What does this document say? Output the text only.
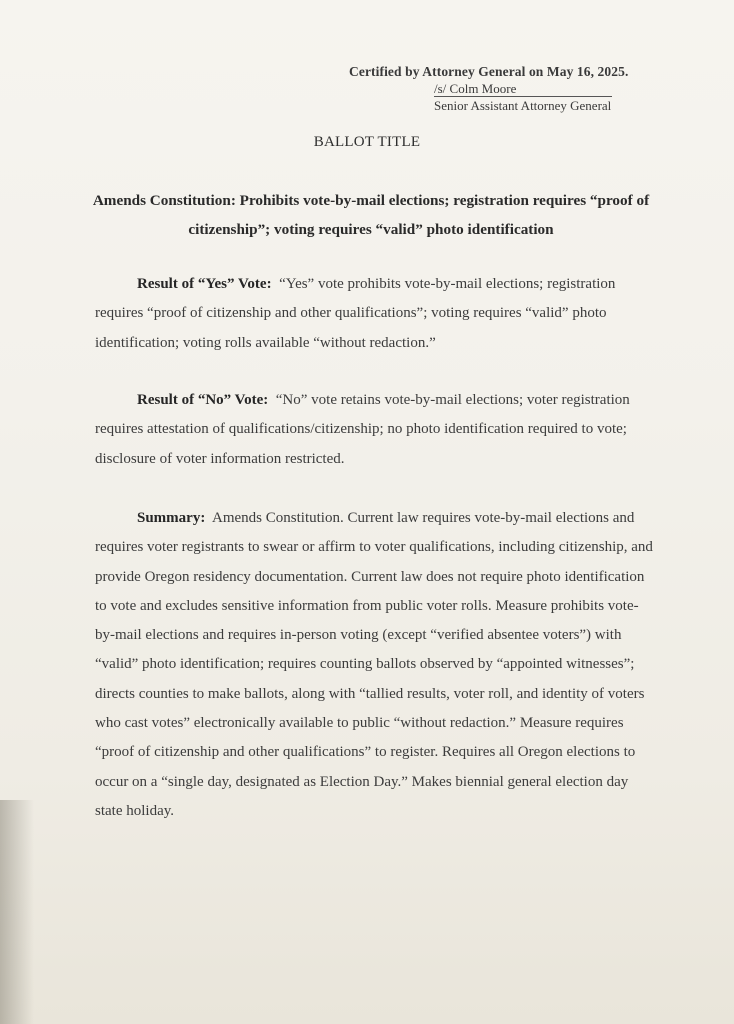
Certified by Attorney General on May 16, 2025.
/s/ Colm Moore
Senior Assistant Attorney General
BALLOT TITLE
Amends Constitution: Prohibits vote-by-mail elections; registration requires “proof of citizenship”; voting requires “valid” photo identification
Result of “Yes” Vote: “Yes” vote prohibits vote-by-mail elections; registration requires “proof of citizenship and other qualifications”; voting requires “valid” photo identification; voting rolls available “without redaction.”
Result of “No” Vote: “No” vote retains vote-by-mail elections; voter registration requires attestation of qualifications/citizenship; no photo identification required to vote; disclosure of voter information restricted.
Summary: Amends Constitution. Current law requires vote-by-mail elections and requires voter registrants to swear or affirm to voter qualifications, including citizenship, and provide Oregon residency documentation. Current law does not require photo identification to vote and excludes sensitive information from public voter rolls. Measure prohibits vote-by-mail elections and requires in-person voting (except “verified absentee voters”) with “valid” photo identification; requires counting ballots observed by “appointed witnesses”; directs counties to make ballots, along with “tallied results, voter roll, and identity of voters who cast votes” electronically available to public “without redaction.” Measure requires “proof of citizenship and other qualifications” to register. Requires all Oregon elections to occur on a “single day, designated as Election Day.” Makes biennial general election day state holiday.
